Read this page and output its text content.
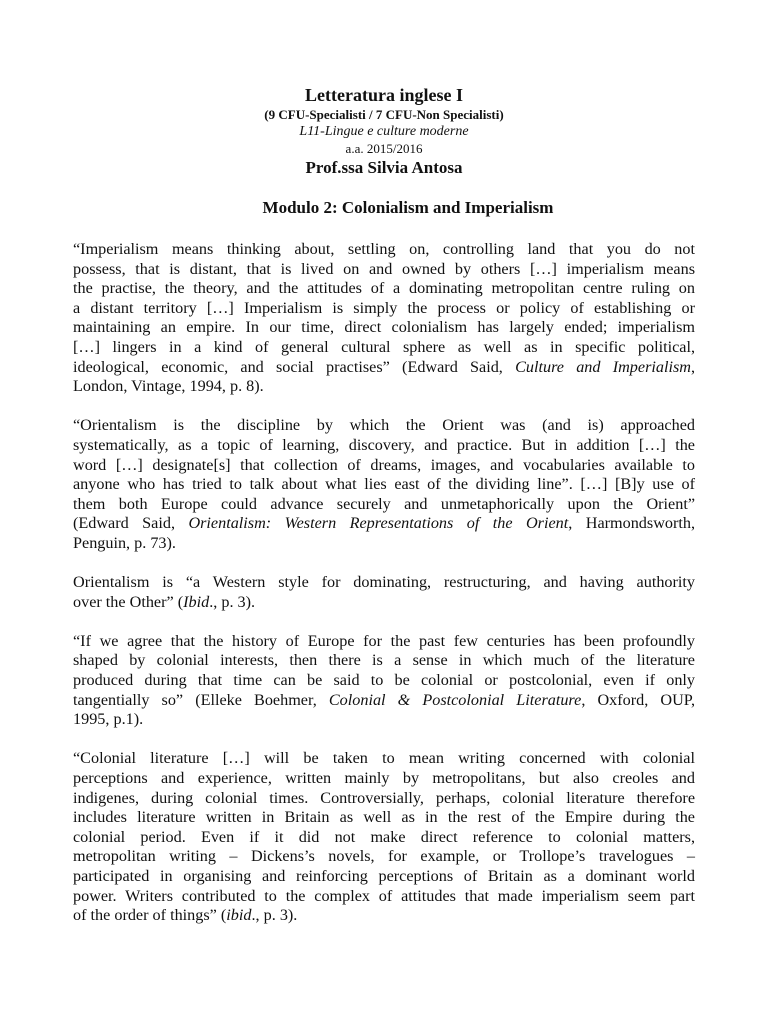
Letteratura inglese I
(9 CFU-Specialisti / 7 CFU-Non Specialisti)
L11-Lingue e culture moderne
a.a. 2015/2016
Prof.ssa Silvia Antosa
Modulo 2: Colonialism and Imperialism
“Imperialism means thinking about, settling on, controlling land that you do not
possess, that is distant, that is lived on and owned by others […] imperialism means
the practise, the theory, and the attitudes of a dominating metropolitan centre ruling on
a distant territory […] Imperialism is simply the process or policy of establishing or
maintaining an empire. In our time, direct colonialism has largely ended; imperialism
[…] lingers in a kind of general cultural sphere as well as in specific political,
ideological, economic, and social practises” (Edward Said, Culture and Imperialism,
London, Vintage, 1994, p. 8).
“Orientalism is the discipline by which the Orient was (and is) approached
systematically, as a topic of learning, discovery, and practice. But in addition […] the
word […] designate[s] that collection of dreams, images, and vocabularies available to
anyone who has tried to talk about what lies east of the dividing line”. […] [B]y use of
them both Europe could advance securely and unmetaphorically upon the Orient”
(Edward Said, Orientalism: Western Representations of the Orient, Harmondsworth,
Penguin, p. 73).
Orientalism is “a Western style for dominating, restructuring, and having authority
over the Other” (Ibid., p. 3).
“If we agree that the history of Europe for the past few centuries has been profoundly
shaped by colonial interests, then there is a sense in which much of the literature
produced during that time can be said to be colonial or postcolonial, even if only
tangentially so” (Elleke Boehmer, Colonial & Postcolonial Literature, Oxford, OUP,
1995, p.1).
“Colonial literature […] will be taken to mean writing concerned with colonial
perceptions and experience, written mainly by metropolitans, but also creoles and
indigenes, during colonial times. Controversially, perhaps, colonial literature therefore
includes literature written in Britain as well as in the rest of the Empire during the
colonial period. Even if it did not make direct reference to colonial matters,
metropolitan writing – Dickens’s novels, for example, or Trollope’s travelogues –
participated in organising and reinforcing perceptions of Britain as a dominant world
power. Writers contributed to the complex of attitudes that made imperialism seem part
of the order of things” (ibid., p. 3).
